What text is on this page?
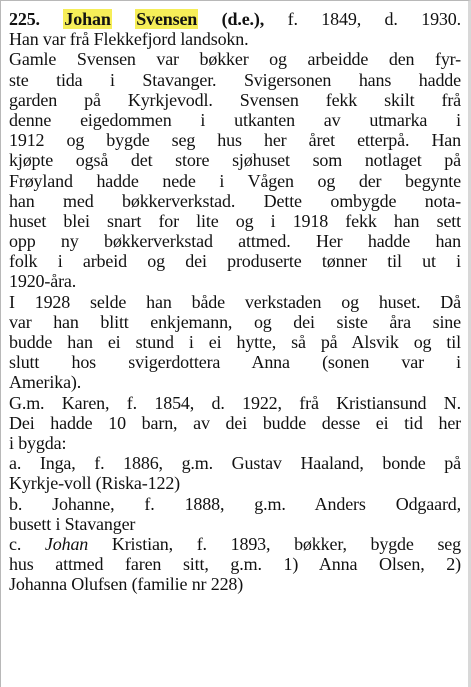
225. Johan Svensen (d.e.), f. 1849, d. 1930.
Han var frå Flekkefjord landsokn.
Gamle Svensen var bøkker og arbeidde den fyr-
ste tida i Stavanger. Svigersonen hans hadde
garden på Kyrkjevodl. Svensen fekk skilt frå
denne eigedommen i utkanten av utmarka i
1912 og bygde seg hus her året etterpå. Han
kjøpte også det store sjøhuset som notlaget på
Frøyland hadde nede i Vågen og der begynte
han med bøkkerverkstad. Dette ombygde nota-
huset blei snart for lite og i 1918 fekk han sett
opp ny bøkkerverkstad attmed. Her hadde han
folk i arbeid og dei produserte tønner til ut i
1920-åra.
I 1928 selde han både verkstaden og huset. Då
var han blitt enkjemann, og dei siste åra sine
budde han ei stund i ei hytte, så på Alsvik og til
slutt hos svigerdottera Anna (sonen var i
Amerika).
G.m. Karen, f. 1854, d. 1922, frå Kristiansund N.
Dei hadde 10 barn, av dei budde desse ei tid her
i bygda:
a. Inga, f. 1886, g.m. Gustav Haaland, bonde på
Kyrkje-voll (Riska-122)
b. Johanne, f. 1888, g.m. Anders Odgaard,
busett i Stavanger
c. Johan Kristian, f. 1893, bøkker, bygde seg
hus attmed faren sitt, g.m. 1) Anna Olsen, 2)
Johanna Olufsen (familie nr 228)
